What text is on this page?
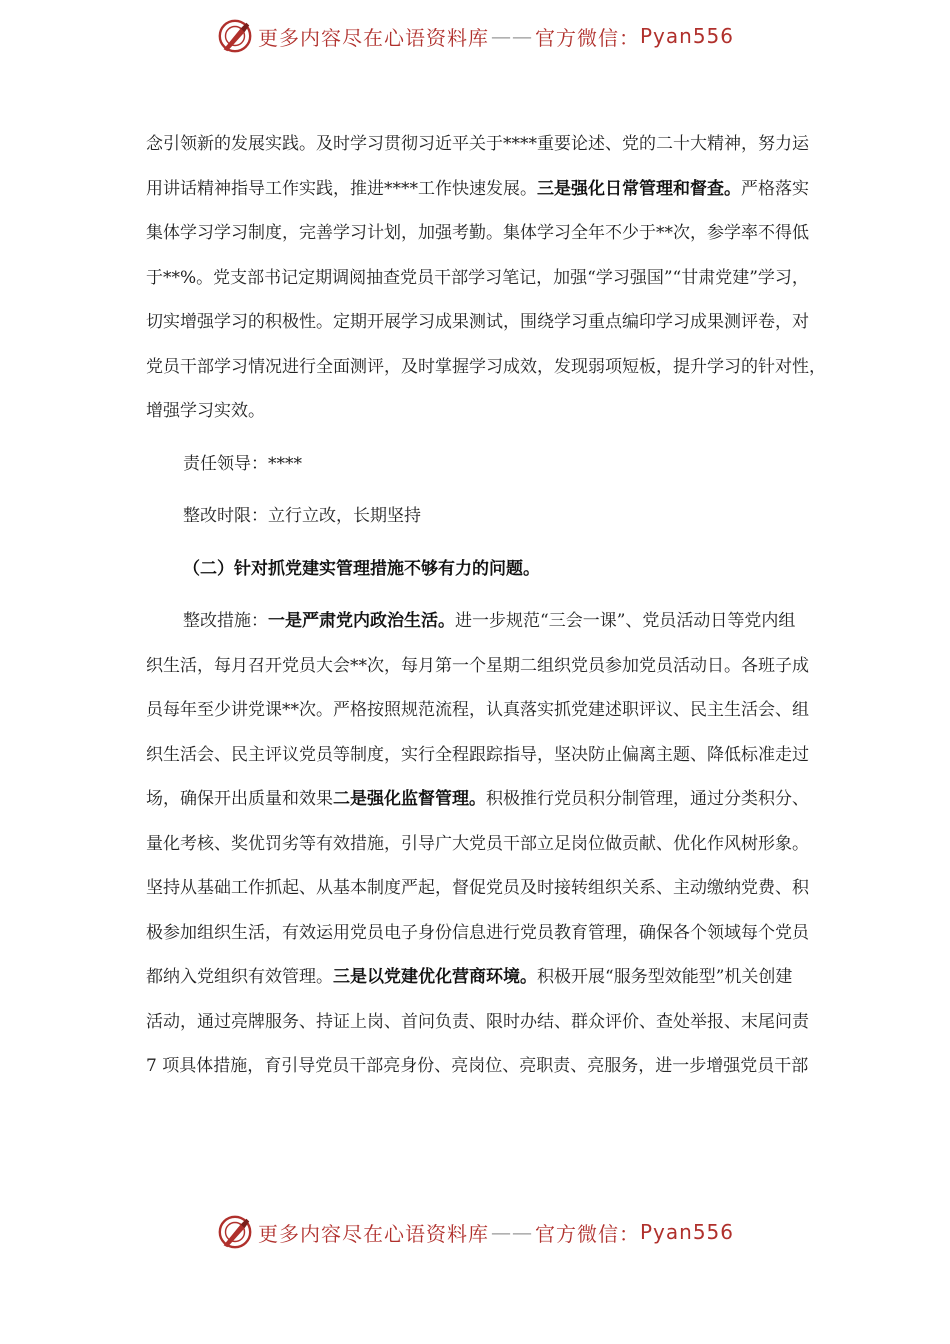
更多内容尽在心语资料库 —— 官方微信： Pyan556
念引领新的发展实践。及时学习贯彻习近平关于****重要论述、党的二十大精神，努力运
用讲话精神指导工作实践，推进****工作快速发展。三是强化日常管理和督查。严格落实
集体学习学习制度，完善学习计划，加强考勤。集体学习全年不少于**次，参学率不得低
于**%。党支部书记定期调阅抽查党员干部学习笔记，加强“学习强国”“甘肃党建”学习，
切实增强学习的积极性。定期开展学习成果测试，围绕学习重点编印学习成果测评卷，对
党员干部学习情况进行全面测评，及时掌握学习成效，发现弱项短板，提升学习的针对性，
增强学习实效。
责任领导：****
整改时限：立行立改，长期坚持
（二）针对抓党建实管理措施不够有力的问题。
整改措施：一是严肃党内政治生活。进一步规范“三会一课”、党员活动日等党内组
织生活，每月召开党员大会**次，每月第一个星期二组织党员参加党员活动日。各班子成
员每年至少讲党课**次。严格按照规范流程，认真落实抓党建述职评议、民主生活会、组
织生活会、民主评议党员等制度，实行全程跟踪指导，坚决防止偏离主题、降低标准走过
场，确保开出质量和效果二是强化监督管理。积极推行党员积分制管理，通过分类积分、
量化考核、奖优罚劣等有效措施，引导广大党员干部立足岗位做贡献、优化作风树形象。
坚持从基础工作抓起、从基本制度严起，督促党员及时接转组织关系、主动缴纳党费、积
极参加组织生活，有效运用党员电子身份信息进行党员教育管理，确保各个领域每个党员
都纳入党组织有效管理。三是以党建优化营商环境。积极开展“服务型效能型”机关创建
活动，通过亮牌服务、持证上岗、首问负责、限时办结、群众评价、查处举报、末尾问责
7 项具体措施，育引导党员干部亮身份、亮岗位、亮职责、亮服务，进一步增强党员干部
更多内容尽在心语资料库 —— 官方微信： Pyan556
